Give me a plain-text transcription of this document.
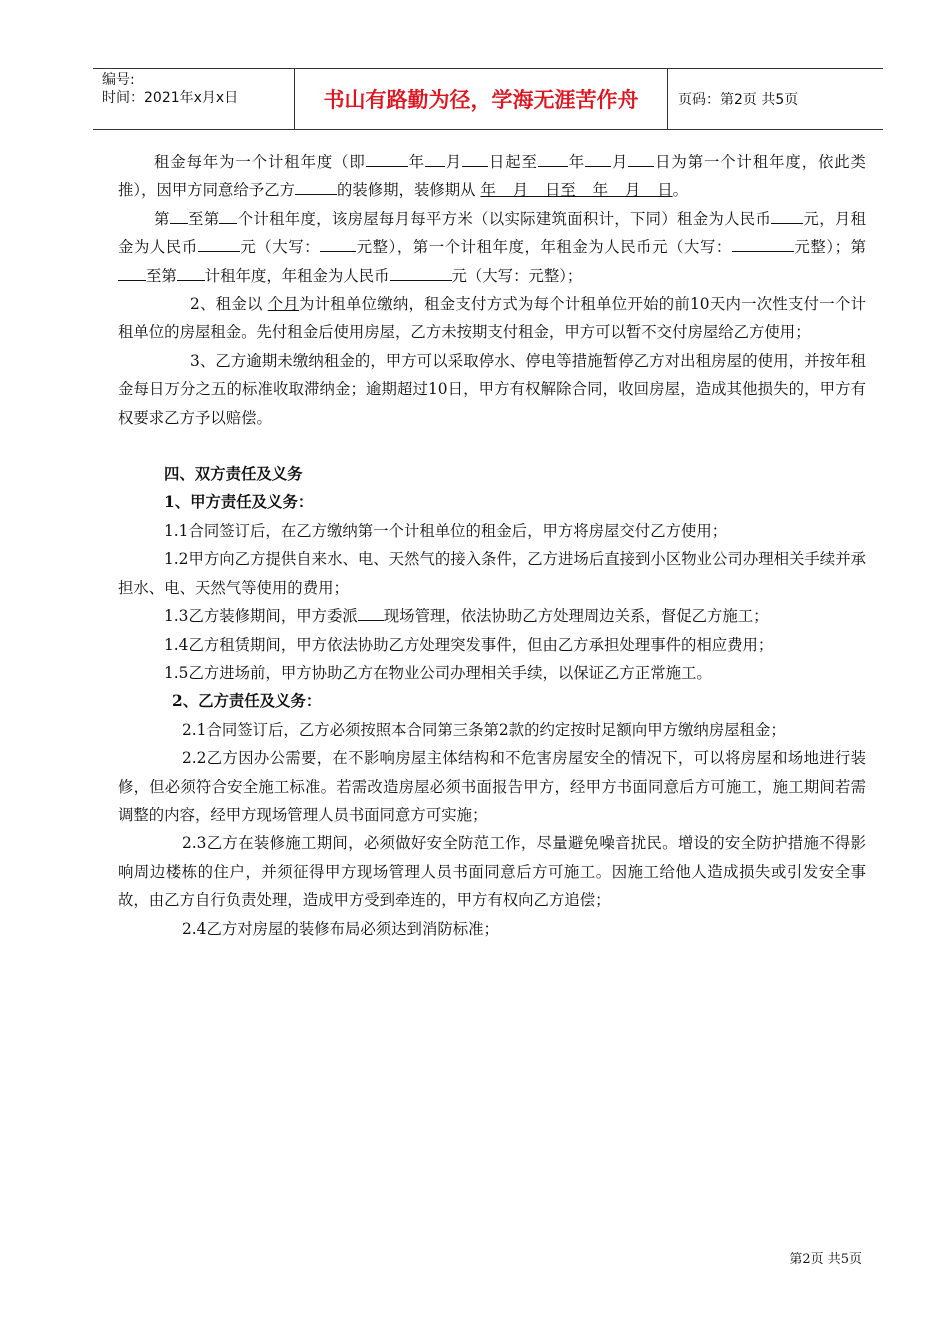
编号:
时间：2021年x月x日	书山有路勤为径，学海无涯苦作舟	页码：第2页 共5页

租金每年为一个计租年度（即	年 月 日起至 年 月 日为第一个计租年度，依此类推），因甲方同意给予乙方	的装修期，装修期从 年 月 日至 年 月 日。

第 至第 个计租年度，该房屋每月每平方米（以实际建筑面积计，下同）租金为人民币 元，月租金为人民币	元（大写： 元整），第一个计租年度，年租金为人民币元（大写：	元整）；第至第 计租年度，年租金为人民币	元（大写：元整）；

2、租金以 个月为计租单位缴纳，租金支付方式为每个计租单位开始的前10天内一次性支付一个计租单位的房屋租金。先付租金后使用房屋，乙方未按期支付租金，甲方可以暂不交付房屋给乙方使用；

3、乙方逾期未缴纳租金的，甲方可以采取停水、停电等措施暂停乙方对出租房屋的使用，并按年租金每日万分之五的标准收取滞纳金；逾期超过10日，甲方有权解除合同，收回房屋，造成其他损失的，甲方有权要求乙方予以赔偿。

四、双方责任及义务

1、甲方责任及义务：

1.1合同签订后，在乙方缴纳第一个计租单位的租金后，甲方将房屋交付乙方使用；

1.2甲方向乙方提供自来水、电、天然气的接入条件，乙方进场后直接到小区物业公司办理相关手续并承担水、电、天然气等使用的费用；

1.3乙方装修期间，甲方委派 现场管理，依法协助乙方处理周边关系，督促乙方施工；

1.4乙方租赁期间，甲方依法协助乙方处理突发事件，但由乙方承担处理事件的相应费用；

1.5乙方进场前，甲方协助乙方在物业公司办理相关手续，以保证乙方正常施工。

2、乙方责任及义务：

2.1合同签订后，乙方必须按照本合同第三条第2款的约定按时足额向甲方缴纳房屋租金；

2.2乙方因办公需要，在不影响房屋主体结构和不危害房屋安全的情况下，可以将房屋和场地进行装修，但必须符合安全施工标准。若需改造房屋必须书面报告甲方，经甲方书面同意后方可施工，施工期间若需调整的内容，经甲方现场管理人员书面同意方可实施；

2.3乙方在装修施工期间，必须做好安全防范工作，尽量避免噪音扰民。增设的安全防护措施不得影响周边楼栋的住户，并须征得甲方现场管理人员书面同意后方可施工。因施工给他人造成损失或引发安全事故，由乙方自行负责处理，造成甲方受到牵连的，甲方有权向乙方追偿；

2.4乙方对房屋的装修布局必须达到消防标准；

第2页 共5页
